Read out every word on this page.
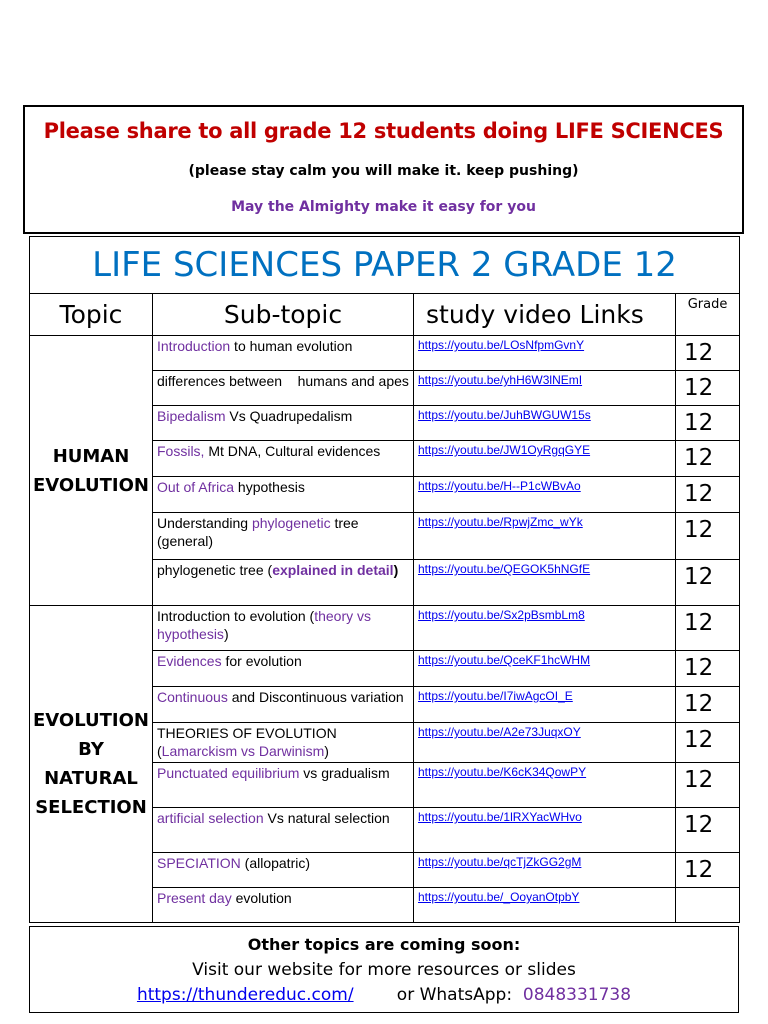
Please share to all grade 12 students doing LIFE SCIENCES
(please stay calm you will make it. keep pushing)
May the Almighty make it easy for you
LIFE SCIENCES PAPER 2 GRADE 12			
Topic	Sub-topic	study video Links	Grade

HUMAN
EVOLUTION	Introduction to human evolution	https://youtu.be/LOsNfpmGvnY	12
	differences between    humans and apes	https://youtu.be/yhH6W3lNEmI	12
	Bipedalism Vs Quadrupedalism	https://youtu.be/JuhBWGUW15s	12
	Fossils, Mt DNA, Cultural evidences	https://youtu.be/JW1OyRgqGYE	12
	Out of Africa hypothesis	https://youtu.be/H--P1cWBvAo	12
	Understanding phylogenetic tree (general)	https://youtu.be/RpwjZmc_wYk	12
	phylogenetic tree (explained in detail)	https://youtu.be/QEGOK5hNGfE	12

EVOLUTION
BY
NATURAL
SELECTION	Introduction to evolution (theory vs hypothesis)	https://youtu.be/Sx2pBsmbLm8	12
	Evidences for evolution	https://youtu.be/QceKF1hcWHM	12
	Continuous and Discontinuous variation	https://youtu.be/I7iwAgcOI_E	12
	THEORIES OF EVOLUTION (Lamarckism vs Darwinism)	https://youtu.be/A2e73JuqxOY	12
	Punctuated equilibrium vs gradualism	https://youtu.be/K6cK34QowPY	12
	artificial selection Vs natural selection	https://youtu.be/1lRXYacWHvo	12
	SPECIATION (allopatric)	https://youtu.be/qcTjZkGG2gM	12
	Present day evolution	https://youtu.be/_OoyanOtpbY	
Other topics are coming soon:
Visit our website for more resources or slides
https://thundereduc.com/	or WhatsApp: 0848331738
